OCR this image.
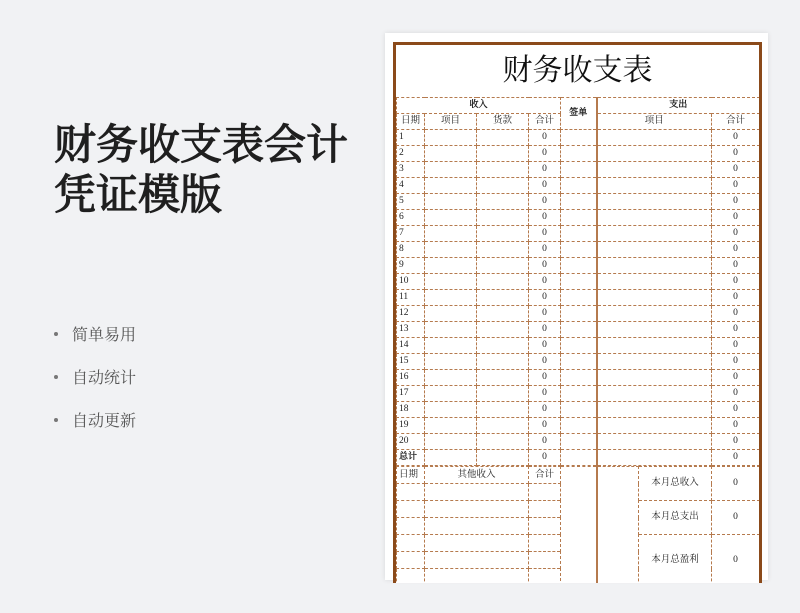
财务收支表会计
凭证模版
简单易用
自动统计
自动更新
财务收支表
收入				签单	支出	
日期	项目	货款	合计		项目	合计
1			0			0
2			0			0
3			0			0
4			0			0
5			0			0
6			0			0
7			0			0
8			0			0
9			0			0
10			0			0
11			0			0
12			0			0
13			0			0
14			0			0
15			0			0
16			0			0
17			0			0
18			0			0
19			0			0
20			0			0
总计			0			0
日期	其他收入	合计			本月总收入	0

					本月总支出	0

					本月总盈利	0
